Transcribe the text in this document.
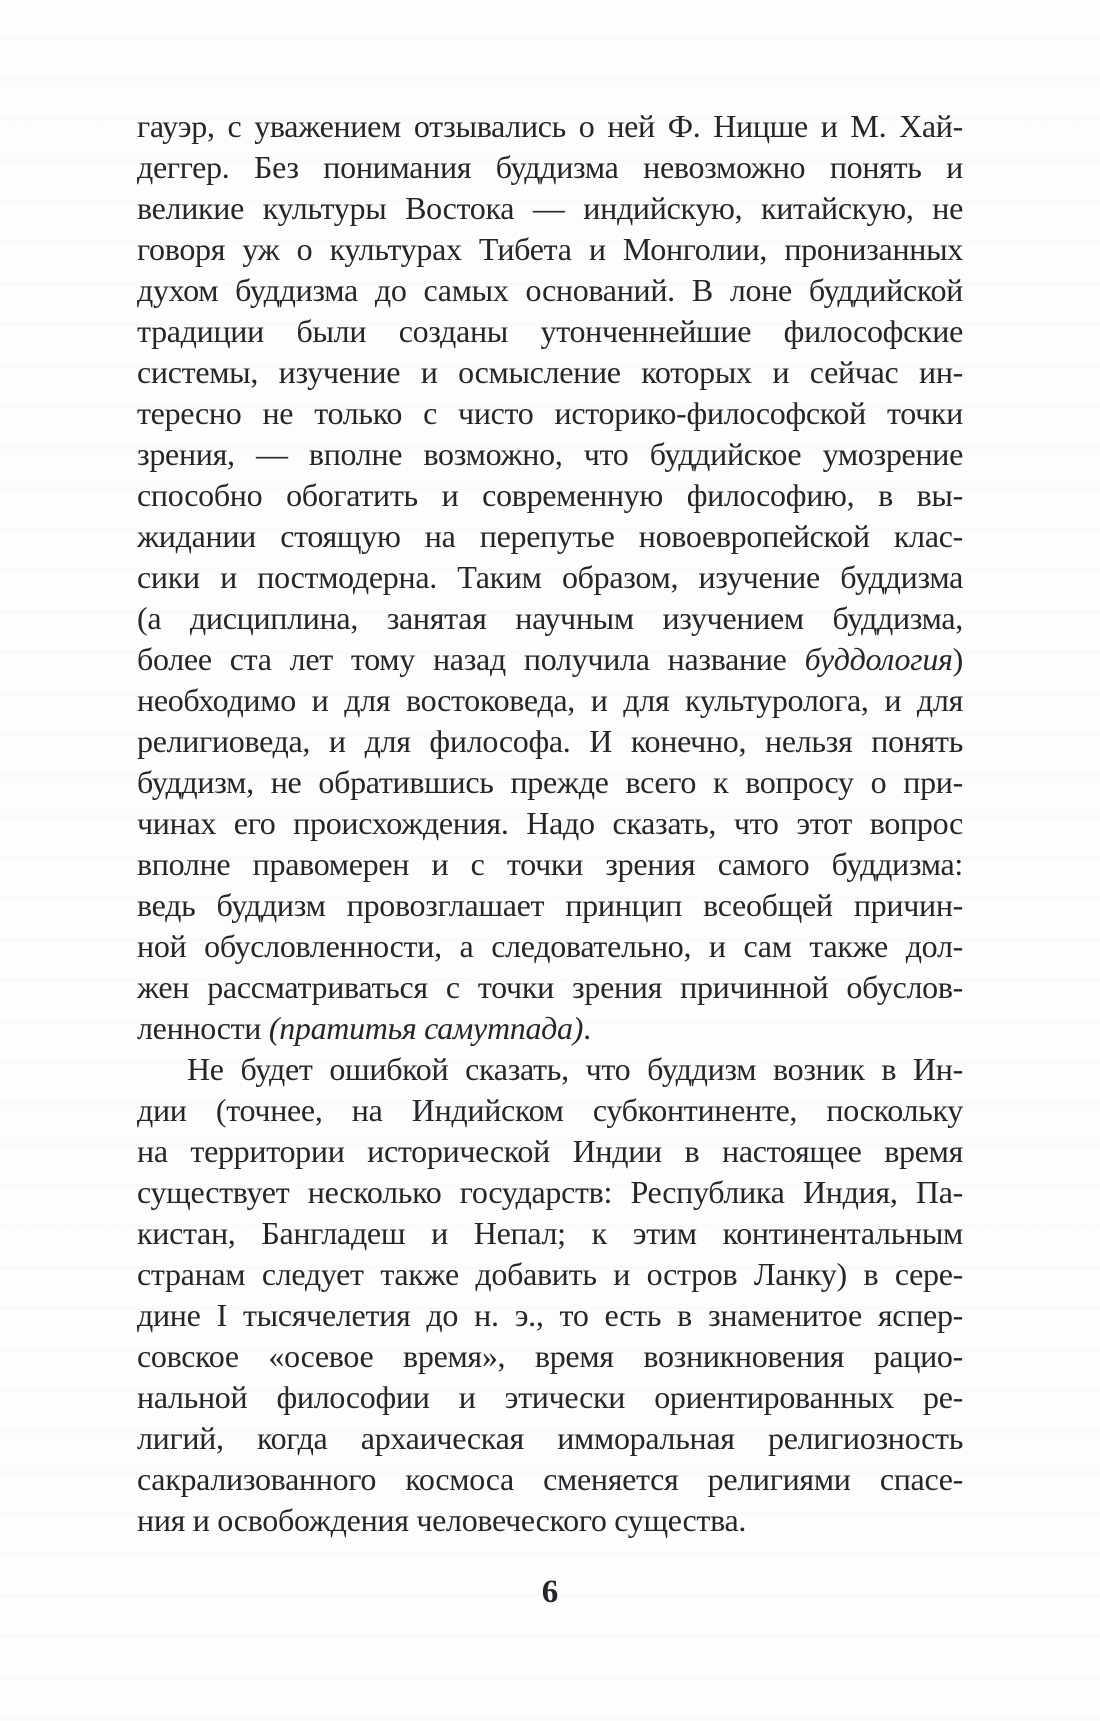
гауэр, с уважением отзывались о ней Ф. Ницше и М. Хай-
деггер. Без понимания буддизма невозможно понять и
великие культуры Востока — индийскую, китайскую, не
говоря уж о культурах Тибета и Монголии, пронизанных
духом буддизма до самых оснований. В лоне буддийской
традиции были созданы утонченнейшие философские
системы, изучение и осмысление которых и сейчас ин-
тересно не только с чисто историко-философской точки
зрения, — вполне возможно, что буддийское умозрение
способно обогатить и современную философию, в вы-
жидании стоящую на перепутье новоевропейской клас-
сики и постмодерна. Таким образом, изучение буддизма
(а дисциплина, занятая научным изучением буддизма,
более ста лет тому назад получила название буддология)
необходимо и для востоковеда, и для культуролога, и для
религиоведа, и для философа. И конечно, нельзя понять
буддизм, не обратившись прежде всего к вопросу о при-
чинах его происхождения. Надо сказать, что этот вопрос
вполне правомерен и с точки зрения самого буддизма:
ведь буддизм провозглашает принцип всеобщей причин-
ной обусловленности, а следовательно, и сам также дол-
жен рассматриваться с точки зрения причинной обуслов-
ленности (пратитья самутпада).
Не будет ошибкой сказать, что буддизм возник в Ин-
дии (точнее, на Индийском субконтиненте, поскольку
на территории исторической Индии в настоящее время
существует несколько государств: Республика Индия, Па-
кистан, Бангладеш и Непал; к этим континентальным
странам следует также добавить и остров Ланку) в сере-
дине I тысячелетия до н. э., то есть в знаменитое яспер-
совское «осевое время», время возникновения рацио-
нальной философии и этически ориентированных ре-
лигий, когда архаическая имморальная религиозность
сакрализованного космоса сменяется религиями спасе-
ния и освобождения человеческого существа.
6
